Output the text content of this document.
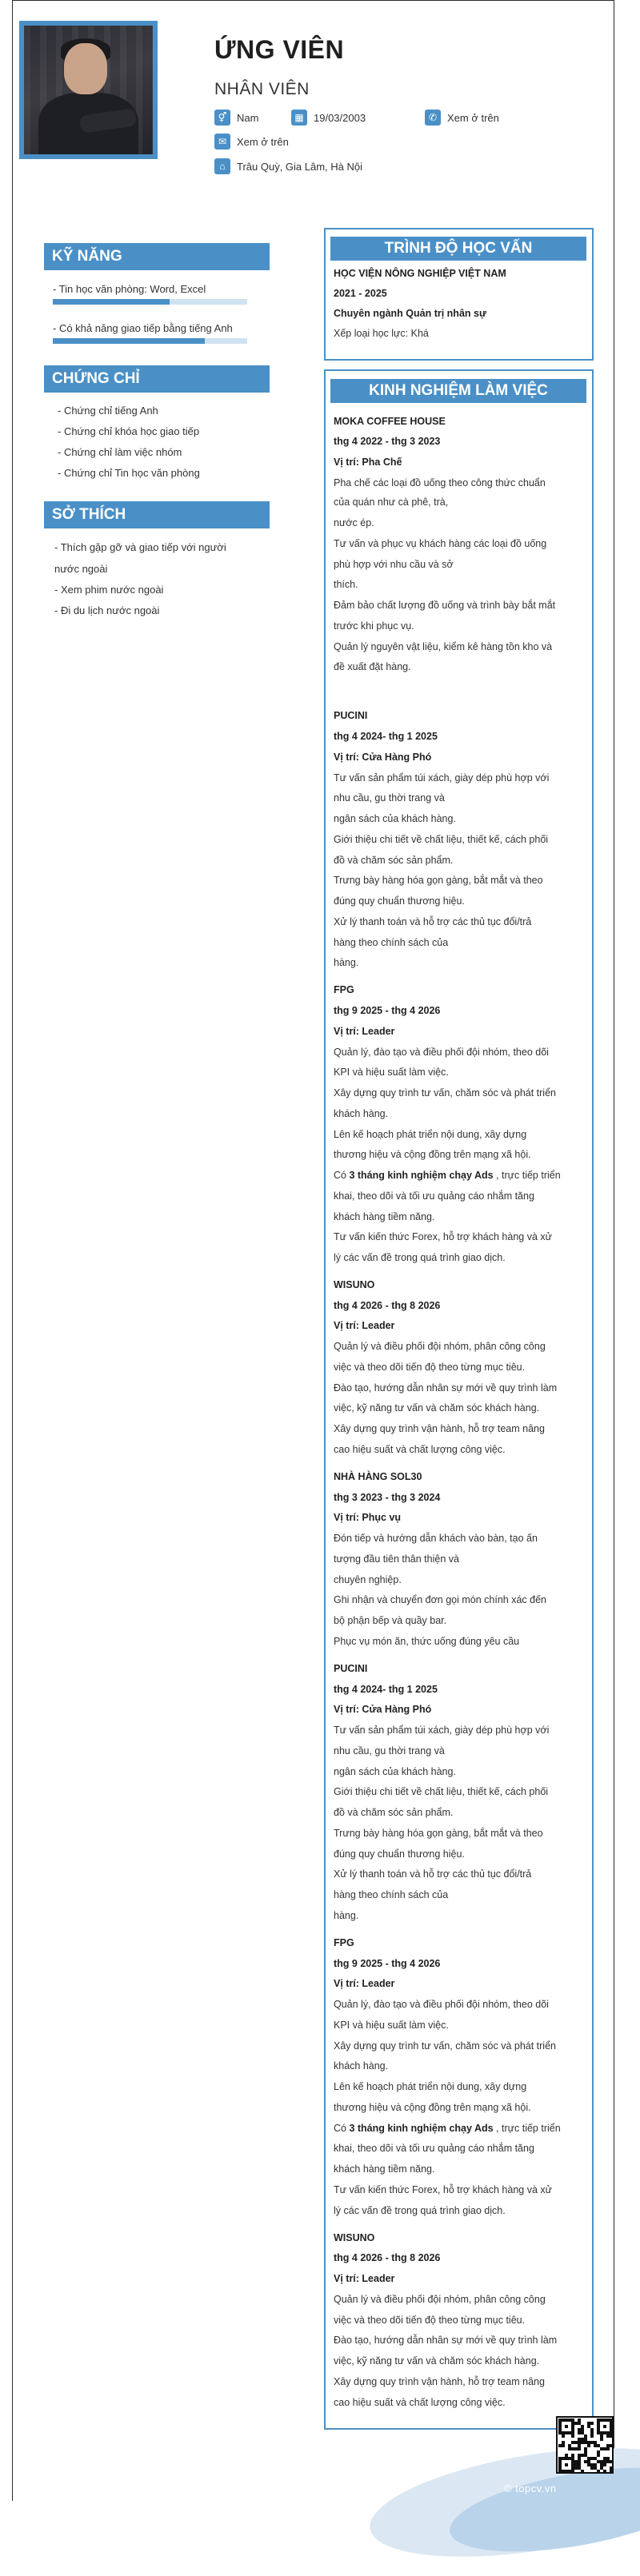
ỨNG VIÊN
NHÂN VIÊN
⚥ Nam	▦ 19/03/2003	✆ Xem ở trên
✉ Xem ở trên
⌂	Trâu Quỳ, Gia Lâm, Hà Nội
KỸ NĂNG
- Tin học văn phòng: Word, Excel
- Có khả năng giao tiếp bằng tiếng Anh
CHỨNG CHỈ
- Chứng chỉ tiếng Anh
- Chứng chỉ khóa học giao tiếp
- Chứng chỉ làm việc nhóm
- Chứng chỉ Tin học văn phòng
SỞ THÍCH
- Thích gặp gỡ và giao tiếp với người
nước ngoài
- Xem phim nước ngoài
- Đi du lịch nước ngoài
TRÌNH ĐỘ HỌC VẤN
HỌC VIỆN NÔNG NGHIỆP VIỆT NAM
2021 - 2025
Chuyên ngành Quản trị nhân sự
Xếp loại học lực: Khá
KINH NGHIỆM LÀM VIỆC
MOKA COFFEE HOUSE
thg 4 2022 - thg 3 2023
Vị trí: Pha Chế
Pha chế các loại đồ uống theo công thức chuẩn
của quán như cà phê, trà,
nước ép.
Tư vấn và phục vụ khách hàng các loại đồ uống
phù hợp với nhu cầu và sở
thích.
Đảm bảo chất lượng đồ uống và trình bày bắt mắt
trước khi phục vụ.
Quản lý nguyên vật liệu, kiểm kê hàng tồn kho và
đề xuất đặt hàng.
PUCINI
thg 4 2024- thg 1 2025
Vị trí: Cửa Hàng Phó
Tư vấn sản phẩm túi xách, giày dép phù hợp với
nhu cầu, gu thời trang và
ngân sách của khách hàng.
Giới thiệu chi tiết về chất liệu, thiết kế, cách phối
đồ và chăm sóc sản phẩm.
Trưng bày hàng hóa gọn gàng, bắt mắt và theo
đúng quy chuẩn thương hiệu.
Xử lý thanh toán và hỗ trợ các thủ tục đổi/trả
hàng theo chính sách của
hàng.
FPG
thg 9 2025 - thg 4 2026
Vị trí: Leader
Quản lý, đào tạo và điều phối đội nhóm, theo dõi
KPI và hiệu suất làm việc.
Xây dựng quy trình tư vấn, chăm sóc và phát triển
khách hàng.
Lên kế hoạch phát triển nội dung, xây dựng
thương hiệu và cộng đồng trên mạng xã hội.
Có 3 tháng kinh nghiệm chạy Ads , trực tiếp triển
khai, theo dõi và tối ưu quảng cáo nhắm tăng
khách hàng tiềm năng.
Tư vấn kiến thức Forex, hỗ trợ khách hàng và xử
lý các vấn đề trong quá trình giao dịch.
WISUNO
thg 4 2026 - thg 8 2026
Vị trí: Leader
Quản lý và điều phối đội nhóm, phân công công
việc và theo dõi tiến độ theo từng mục tiêu.
Đào tạo, hướng dẫn nhân sự mới về quy trình làm
việc, kỹ năng tư vấn và chăm sóc khách hàng.
Xây dựng quy trình vận hành, hỗ trợ team nâng
cao hiệu suất và chất lượng công việc.
NHÀ HÀNG SOL30
thg 3 2023 - thg 3 2024
Vị trí: Phục vụ
Đón tiếp và hướng dẫn khách vào bàn, tạo ấn
tượng đầu tiên thân thiện và
chuyên nghiệp.
Ghi nhận và chuyển đơn gọi món chính xác đến
bộ phận bếp và quầy bar.
Phục vụ món ăn, thức uống đúng yêu cầu
PUCINI
thg 4 2024- thg 1 2025
Vị trí: Cửa Hàng Phó
Tư vấn sản phẩm túi xách, giày dép phù hợp với
nhu cầu, gu thời trang và
ngân sách của khách hàng.
Giới thiệu chi tiết về chất liệu, thiết kế, cách phối
đồ và chăm sóc sản phẩm.
Trưng bày hàng hóa gọn gàng, bắt mắt và theo
đúng quy chuẩn thương hiệu.
Xử lý thanh toán và hỗ trợ các thủ tục đổi/trả
hàng theo chính sách của
hàng.
FPG
thg 9 2025 - thg 4 2026
Vị trí: Leader
Quản lý, đào tạo và điều phối đội nhóm, theo dõi
KPI và hiệu suất làm việc.
Xây dựng quy trình tư vấn, chăm sóc và phát triển
khách hàng.
Lên kế hoạch phát triển nội dung, xây dựng
thương hiệu và cộng đồng trên mạng xã hội.
Có 3 tháng kinh nghiệm chạy Ads , trực tiếp triển
khai, theo dõi và tối ưu quảng cáo nhắm tăng
khách hàng tiềm năng.
Tư vấn kiến thức Forex, hỗ trợ khách hàng và xử
lý các vấn đề trong quá trình giao dịch.
WISUNO
thg 4 2026 - thg 8 2026
Vị trí: Leader
Quản lý và điều phối đội nhóm, phân công công
việc và theo dõi tiến độ theo từng mục tiêu.
Đào tạo, hướng dẫn nhân sự mới về quy trình làm
việc, kỹ năng tư vấn và chăm sóc khách hàng.
Xây dựng quy trình vận hành, hỗ trợ team nâng
cao hiệu suất và chất lượng công việc.
© topcv.vn
